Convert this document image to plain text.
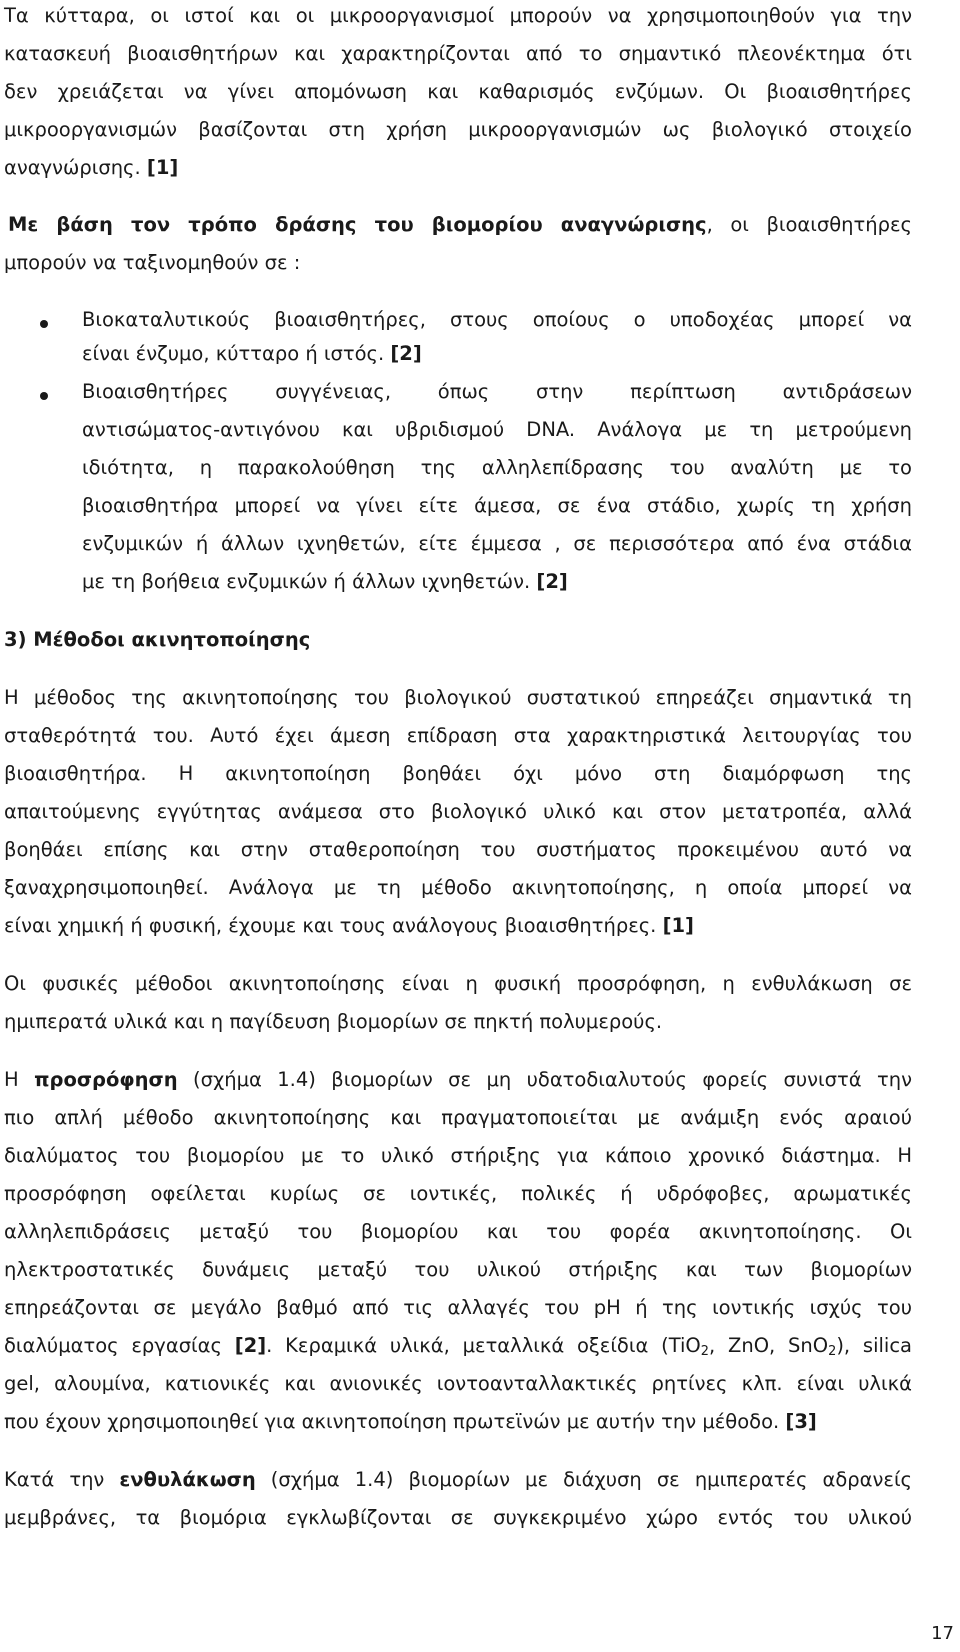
Τα κύτταρα, οι ιστοί και οι μικροοργανισμοί μπορούν να χρησιμοποιηθούν για την

κατασκευή βιοαισθητήρων και χαρακτηρίζονται από το σημαντικό πλεονέκτημα ότι

δεν χρειάζεται να γίνει απομόνωση και καθαρισμός ενζύμων. Οι βιοαισθητήρες

μικροοργανισμών βασίζονται στη χρήση μικροοργανισμών ως βιολογικό στοιχείο

αναγνώρισης. [1]

Με βάση τον τρόπο δράσης του βιομορίου αναγνώρισης, οι βιοαισθητήρες

μπορούν να ταξινομηθούν σε :

Βιοκαταλυτικούς βιοαισθητήρες, στους οποίους ο υποδοχέας μπορεί να

είναι ένζυμο, κύτταρο ή ιστός. [2]

Βιοαισθητήρες συγγένειας, όπως στην περίπτωση αντιδράσεων

αντισώματος-αντιγόνου και υβριδισμού DNA. Ανάλογα με τη μετρούμενη

ιδιότητα, η παρακολούθηση της αλληλεπίδρασης του αναλύτη με το

βιοαισθητήρα μπορεί να γίνει είτε άμεσα, σε ένα στάδιο, χωρίς τη χρήση

ενζυμικών ή άλλων ιχνηθετών, είτε έμμεσα , σε περισσότερα από ένα στάδια

με τη βοήθεια ενζυμικών ή άλλων ιχνηθετών. [2]

3) Μέθοδοι ακινητοποίησης

Η μέθοδος της ακινητοποίησης του βιολογικού συστατικού επηρεάζει σημαντικά τη

σταθερότητά του. Αυτό έχει άμεση επίδραση στα χαρακτηριστικά λειτουργίας του

βιοαισθητήρα. Η ακινητοποίηση βοηθάει όχι μόνο στη διαμόρφωση της

απαιτούμενης εγγύτητας ανάμεσα στο βιολογικό υλικό και στον μετατροπέα, αλλά

βοηθάει επίσης και στην σταθεροποίηση του συστήματος προκειμένου αυτό να

ξαναχρησιμοποιηθεί. Ανάλογα με τη μέθοδο ακινητοποίησης, η οποία μπορεί να

είναι χημική ή φυσική, έχουμε και τους ανάλογους βιοαισθητήρες. [1]

Οι φυσικές μέθοδοι ακινητοποίησης είναι η φυσική προσρόφηση, η ενθυλάκωση σε

ημιπερατά υλικά και η παγίδευση βιομορίων σε πηκτή πολυμερούς.

Η προσρόφηση (σχήμα 1.4) βιομορίων σε μη υδατοδιαλυτούς φορείς συνιστά την

πιο απλή μέθοδο ακινητοποίησης και πραγματοποιείται με ανάμιξη ενός αραιού

διαλύματος του βιομορίου με το υλικό στήριξης για κάποιο χρονικό διάστημα. Η

προσρόφηση οφείλεται κυρίως σε ιοντικές, πολικές ή υδρόφοβες, αρωματικές

αλληλεπιδράσεις μεταξύ του βιομορίου και του φορέα ακινητοποίησης. Οι

ηλεκτροστατικές δυνάμεις μεταξύ του υλικού στήριξης και των βιομορίων

επηρεάζονται σε μεγάλο βαθμό από τις αλλαγές του pH ή της ιοντικής ισχύς του

διαλύματος εργασίας [2]. Κεραμικά υλικά, μεταλλικά οξείδια (TiO$_2$, ZnO, SnO$_2$), silica

gel, αλουμίνα, κατιονικές και ανιονικές ιοντοανταλλακτικές ρητίνες κλπ. είναι υλικά

που έχουν χρησιμοποιηθεί για ακινητοποίηση πρωτεϊνών με αυτήν την μέθοδο. [3]

Κατά την ενθυλάκωση (σχήμα 1.4) βιομορίων με διάχυση σε ημιπερατές αδρανείς

μεμβράνες, τα βιομόρια εγκλωβίζονται σε συγκεκριμένο χώρο εντός του υλικού

17
